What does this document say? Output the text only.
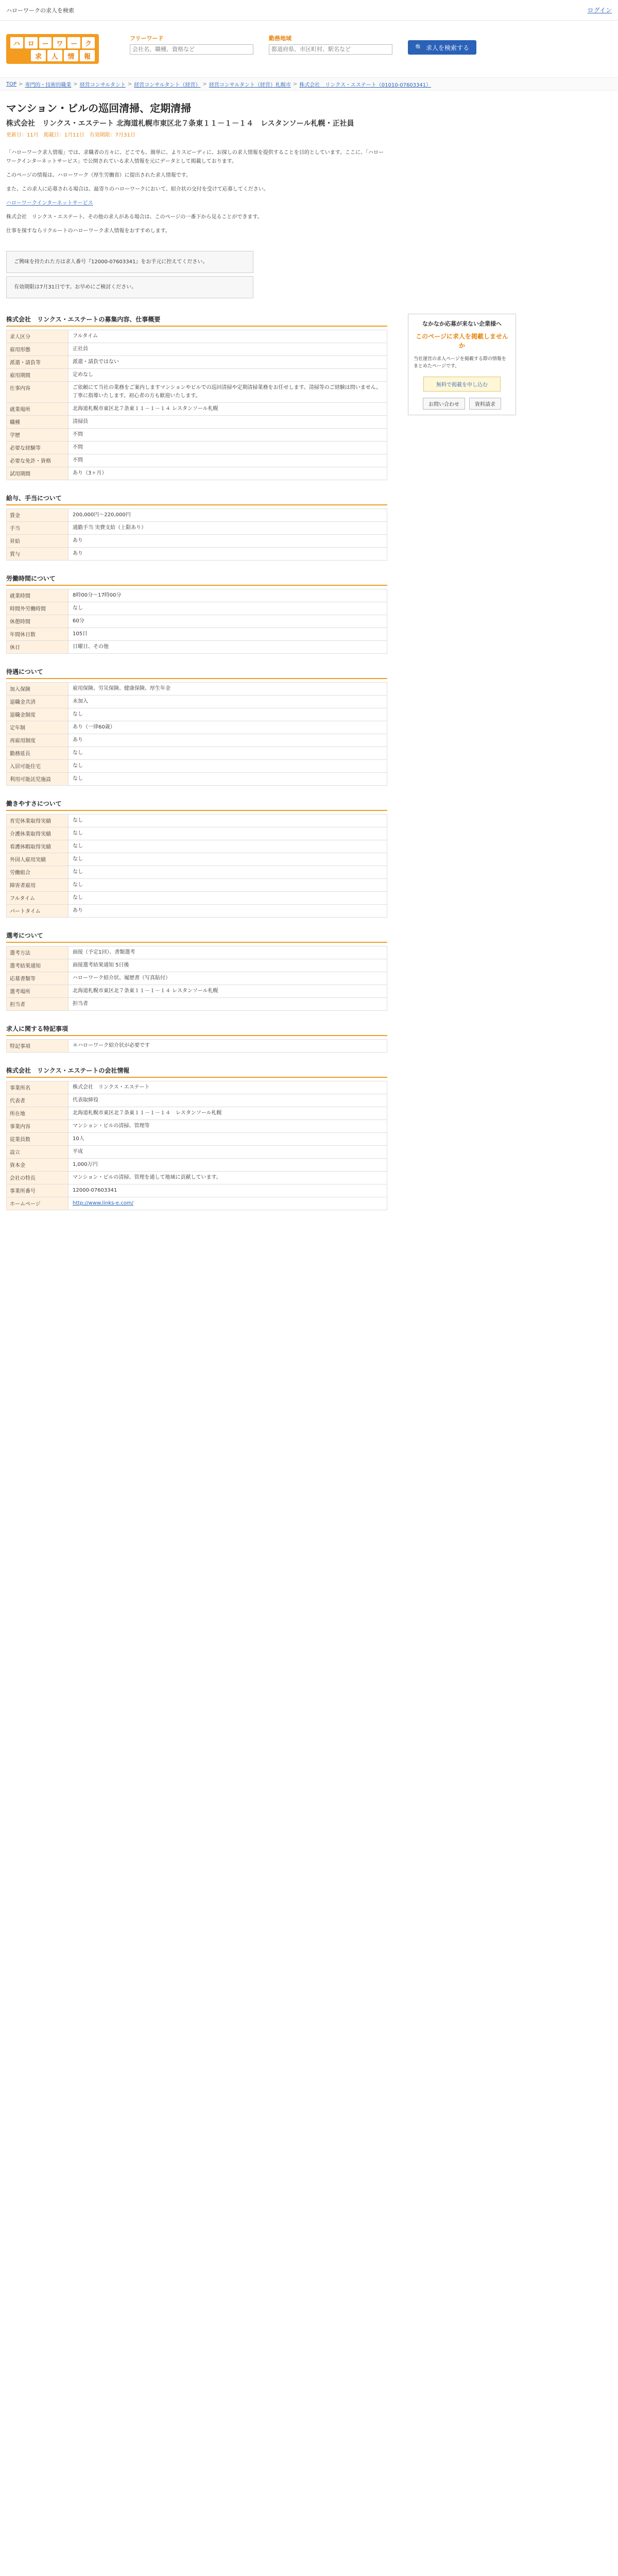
ハローワークの求人を検索	ログイン
ハ	ロ	ー	ワ	ー	ク
求	人	情	報
フリーワード
会社名、職種、資格など	勤務地域
都道府県、市区町村、駅名など
🔍 求人を検索する
TOP > 専門的・技術的職業 > 経営コンサルタント > 経営コンサルタント（経営） > 経営コンサルタント（経営）札幌市 > 株式会社　リンクス・エステート（01010-07603341）
マンション・ビルの巡回清掃、定期清掃
株式会社　リンクス・エステート 北海道札幌市東区北７条東１１－１－１４　レスタンソール札幌・正社員
更新日：11月　掲載日：1月11日　有効期限：7月31日

「ハローワーク求人情報」では、求職者の方々に、どこでも、簡単に、よりスピーディに、お探しの求人情報を提供することを目的としています。ここに、「ハローワークインターネットサービス」で公開されている求人情報を元にデータとして掲載しております。

このページの情報は、ハローワーク（厚生労働省）に提出された求人情報です。

また、この求人に応募される場合は、最寄りのハローワークにおいて、紹介状の交付を受けて応募してください。

ハローワークインターネットサービス

株式会社　リンクス・エステート、その他の求人がある場合は、このページの一番下から見ることができます。

仕事を探すならリクルートのハローワーク求人情報をおすすめします。

ご興味を持たれた方は求人番号『12000-07603341』をお手元に控えてください。
有効期限は7月31日です。お早めにご検討ください。
株式会社　リンクス・エステートの募集内容、仕事概要
求人区分	フルタイム
雇用形態	正社員
派遣・請負等	派遣・請負ではない
雇用期間	定めなし
仕事内容	ご依頼にて当社の業務をご案内しますマンションやビルでの巡回清掃や定期清掃業務をお任せします。清掃等のご経験は問いません。丁寧に指導いたします。初心者の方も歓迎いたします。
就業場所	北海道札幌市東区北７条東１１－１－１４ レスタンソール札幌
職種	清掃員
学歴	不問
必要な経験等	不問
必要な免許・資格	不問
試用期間	あり（3ヶ月）
給与、手当について
賃金	200,000円〜220,000円
手当	通勤手当 実費支給（上限あり）
昇給	あり
賞与	あり
労働時間について
就業時間	8時00分〜17時00分
時間外労働時間	なし
休憩時間	60分
年間休日数	105日
休日	日曜日、その他
待遇について
加入保険	雇用保険、労災保険、健康保険、厚生年金
退職金共済	未加入
退職金制度	なし
定年制	あり（一律60歳）
再雇用制度	あり
勤務延長	なし
入居可能住宅	なし
利用可能託児施設	なし
働きやすさについて
育児休業取得実績	なし
介護休業取得実績	なし
看護休暇取得実績	なし
外国人雇用実績	なし
労働組合	なし
障害者雇用	なし
フルタイム	なし
パートタイム	あり
選考について
選考方法	面接（予定1回）、書類選考
選考結果通知	面接選考結果通知 5日後
応募書類等	ハローワーク紹介状、履歴書（写真貼付）
選考場所	北海道札幌市東区北７条東１１－１－１４ レスタンソール札幌
担当者	担当者
求人に関する特記事項
特記事項	＊ハローワーク紹介状が必要です
株式会社　リンクス・エステートの会社情報
事業所名	株式会社　リンクス・エステート
代表者	代表取締役
所在地	北海道札幌市東区北７条東１１－１－１４　レスタンソール札幌
事業内容	マンション・ビルの清掃、管理等
従業員数	10人
設立	平成
資本金	1,000万円
会社の特長	マンション・ビルの清掃、管理を通して地域に貢献しています。
事業所番号	12000-07603341
ホームページ	http://www.links-e.com/
なかなか応募が来ない企業様へ
このページに求人を掲載しませんか
当社運営の求人ページを掲載する際の情報をまとめたページです。
無料で掲載を申し込む
お問い合わせ	資料請求
